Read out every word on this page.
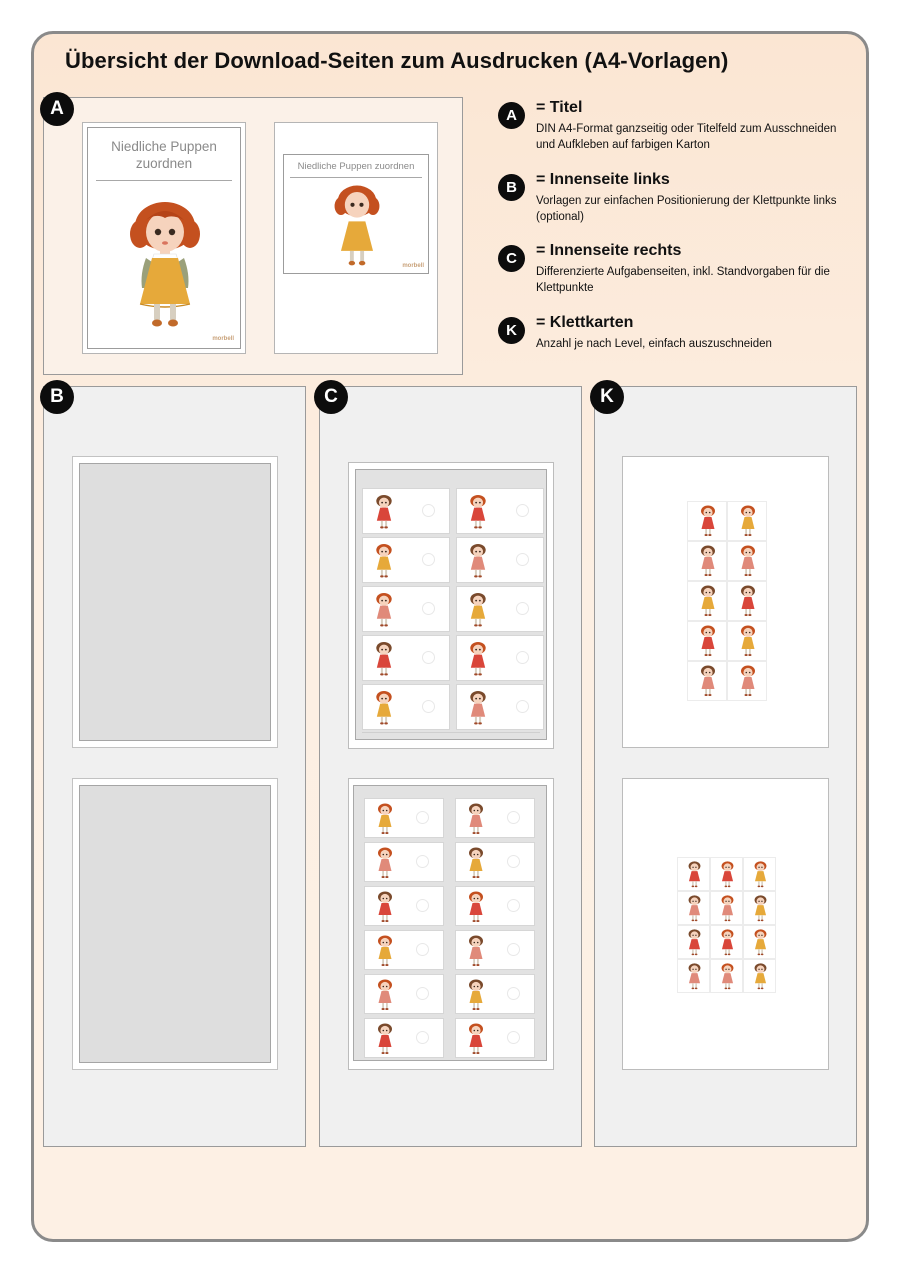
Übersicht der Download-Seiten zum Ausdrucken (A4-Vorlagen)
Niedliche Puppen
zuordnen
morbell
Niedliche Puppen zuordnen
morbell
A	A	= Titel
DIN A4-Format ganzseitig oder Titelfeld zum Ausschneiden und Aufkleben auf farbigen Karton
B	= Innenseite links
Vorlagen zur einfachen Positionierung der Klettpunkte links (optional)
C	= Innenseite rechts
Differenzierte Aufgabenseiten, inkl. Standvorgaben für die Klettpunkte
K	= Klettkarten
Anzahl je nach Level, einfach auszuschneiden
B	C	K
